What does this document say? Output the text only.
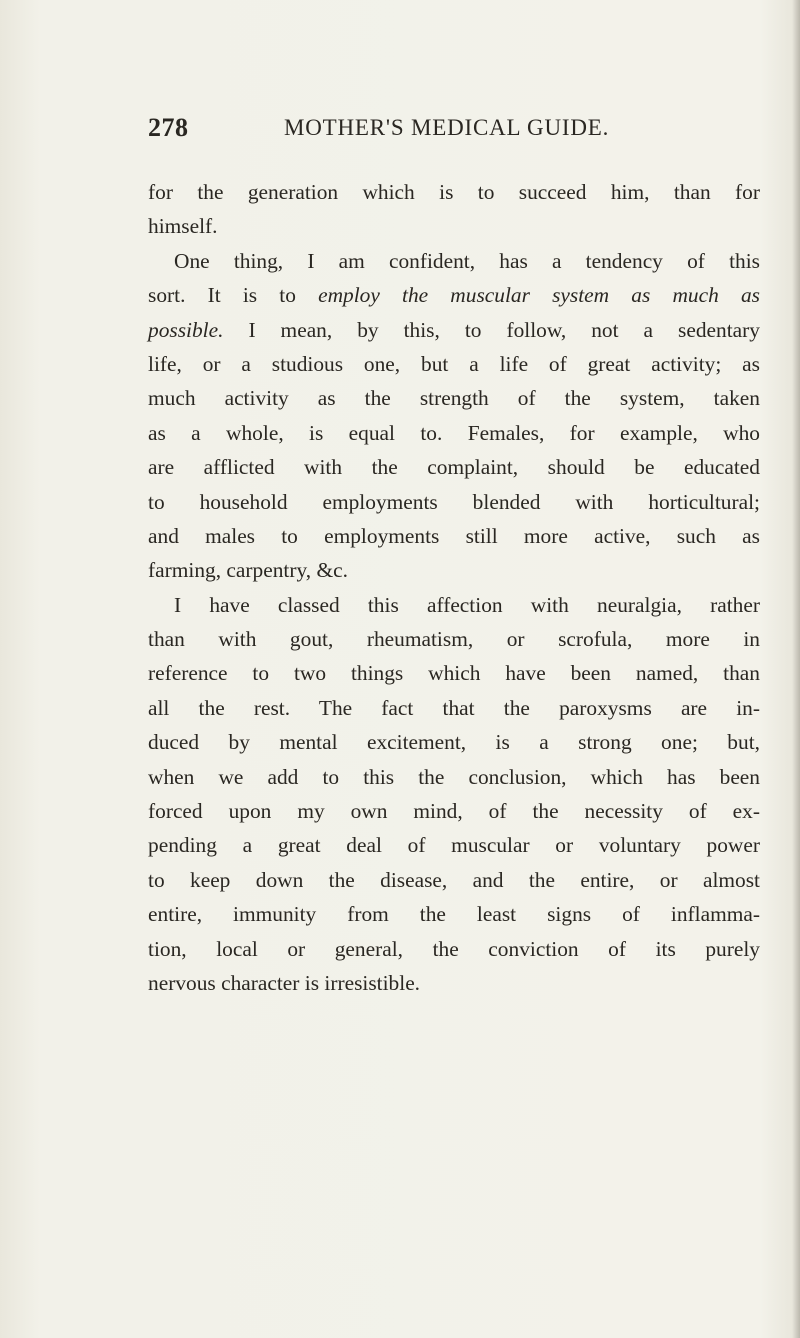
278	MOTHER'S MEDICAL GUIDE.
for the generation which is to succeed him, than for
himself.
One thing, I am confident, has a tendency of this
sort. It is to employ the muscular system as much as
possible. I mean, by this, to follow, not a sedentary
life, or a studious one, but a life of great activity; as
much activity as the strength of the system, taken
as a whole, is equal to. Females, for example, who
are afflicted with the complaint, should be educated
to household employments blended with horticultural;
and males to employments still more active, such as
farming, carpentry, &c.
I have classed this affection with neuralgia, rather
than with gout, rheumatism, or scrofula, more in
reference to two things which have been named, than
all the rest. The fact that the paroxysms are in-
duced by mental excitement, is a strong one; but,
when we add to this the conclusion, which has been
forced upon my own mind, of the necessity of ex-
pending a great deal of muscular or voluntary power
to keep down the disease, and the entire, or almost
entire, immunity from the least signs of inflamma-
tion, local or general, the conviction of its purely
nervous character is irresistible.
